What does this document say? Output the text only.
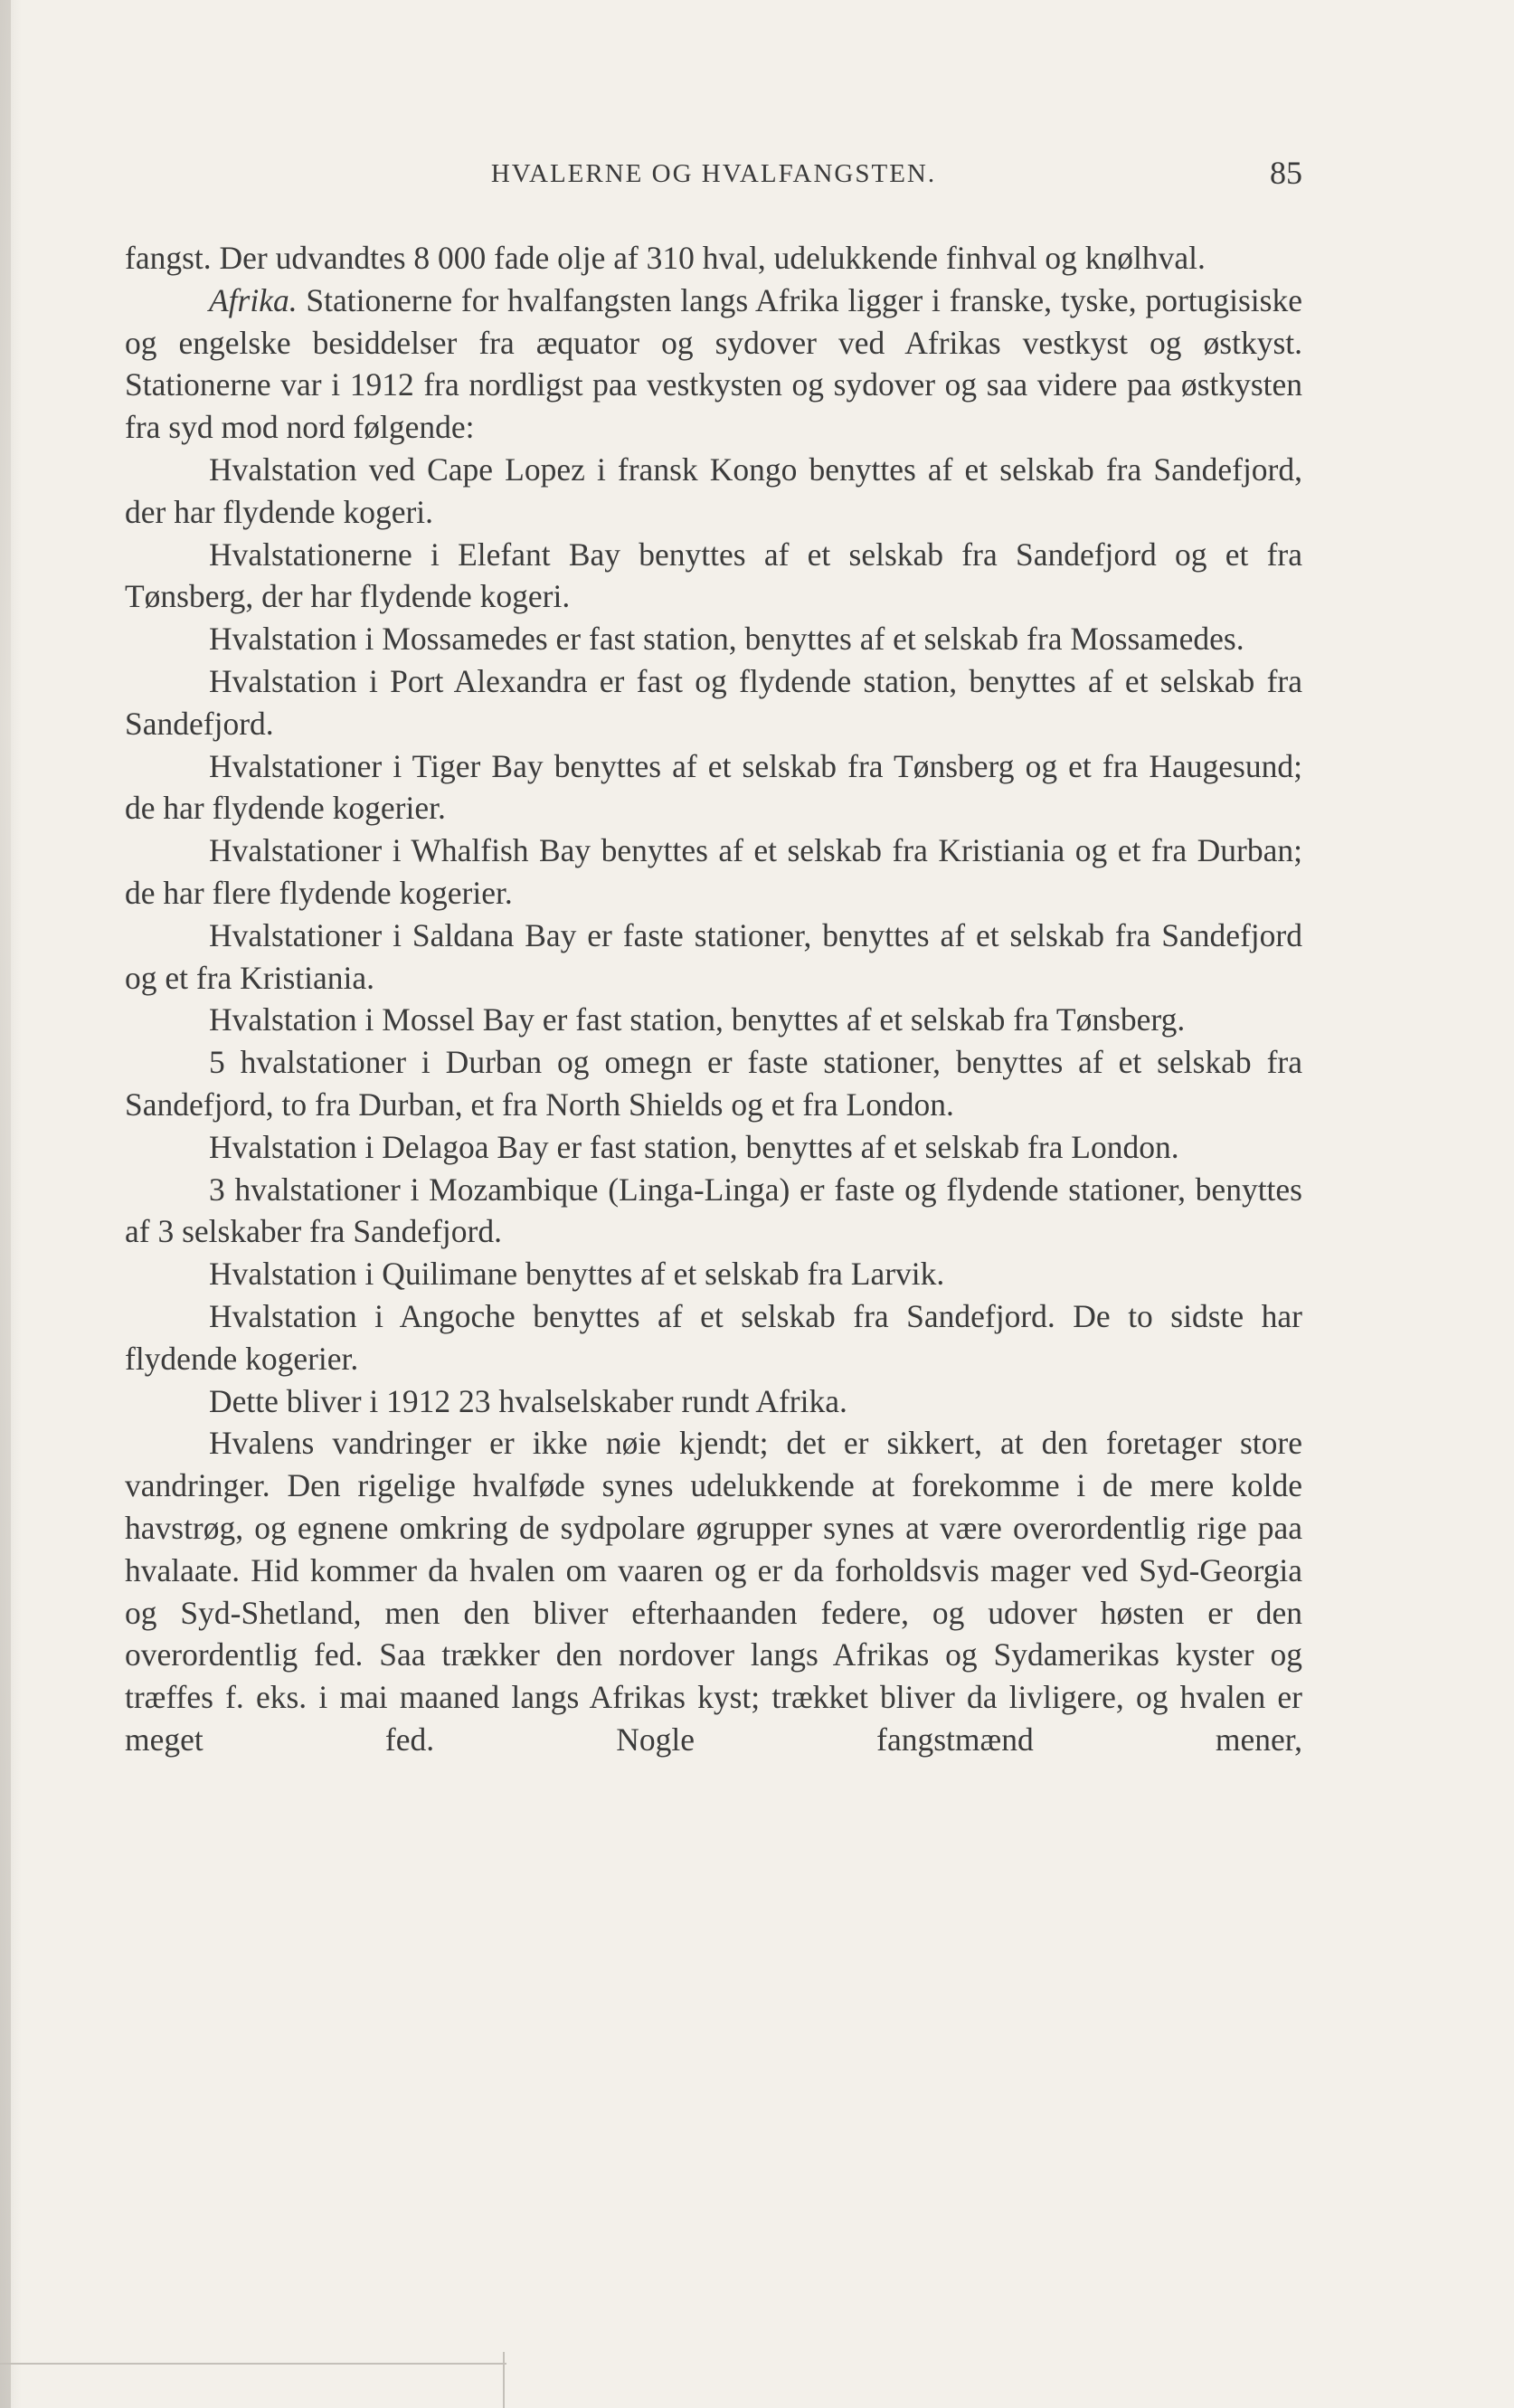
HVALERNE OG HVALFANGSTEN.	85

fangst. Der udvandtes 8 000 fade olje af 310 hval, udelukkende finhval og knølhval.

Afrika. Stationerne for hvalfangsten langs Afrika ligger i franske, tyske, portugisiske og engelske besiddelser fra æquator og sydover ved Afrikas vestkyst og østkyst. Stationerne var i 1912 fra nordligst paa vestkysten og sydover og saa videre paa østkysten fra syd mod nord følgende:

Hvalstation ved Cape Lopez i fransk Kongo benyttes af et selskab fra Sandefjord, der har flydende kogeri.

Hvalstationerne i Elefant Bay benyttes af et selskab fra Sandefjord og et fra Tønsberg, der har flydende kogeri.

Hvalstation i Mossamedes er fast station, benyttes af et selskab fra Mossamedes.

Hvalstation i Port Alexandra er fast og flydende station, benyttes af et selskab fra Sandefjord.

Hvalstationer i Tiger Bay benyttes af et selskab fra Tønsberg og et fra Haugesund; de har flydende kogerier.

Hvalstationer i Whalfish Bay benyttes af et selskab fra Kristiania og et fra Durban; de har flere flydende kogerier.

Hvalstationer i Saldana Bay er faste stationer, benyttes af et selskab fra Sandefjord og et fra Kristiania.

Hvalstation i Mossel Bay er fast station, benyttes af et selskab fra Tønsberg.

5 hvalstationer i Durban og omegn er faste stationer, benyttes af et selskab fra Sandefjord, to fra Durban, et fra North Shields og et fra London.

Hvalstation i Delagoa Bay er fast station, benyttes af et selskab fra London.

3 hvalstationer i Mozambique (Linga-Linga) er faste og flydende stationer, benyttes af 3 selskaber fra Sandefjord.

Hvalstation i Quilimane benyttes af et selskab fra Larvik.

Hvalstation i Angoche benyttes af et selskab fra Sandefjord. De to sidste har flydende kogerier.

Dette bliver i 1912 23 hvalselskaber rundt Afrika.

Hvalens vandringer er ikke nøie kjendt; det er sikkert, at den foretager store vandringer. Den rigelige hvalføde synes udelukkende at forekomme i de mere kolde havstrøg, og egnene omkring de sydpolare øgrupper synes at være overordentlig rige paa hvalaate. Hid kommer da hvalen om vaaren og er da forholdsvis mager ved Syd-Georgia og Syd-Shetland, men den bliver efterhaanden federe, og udover høsten er den overordentlig fed. Saa trækker den nordover langs Afrikas og Sydamerikas kyster og træffes f. eks. i mai maaned langs Afrikas kyst; trækket bliver da livligere, og hvalen er meget fed. Nogle fangstmænd mener,
